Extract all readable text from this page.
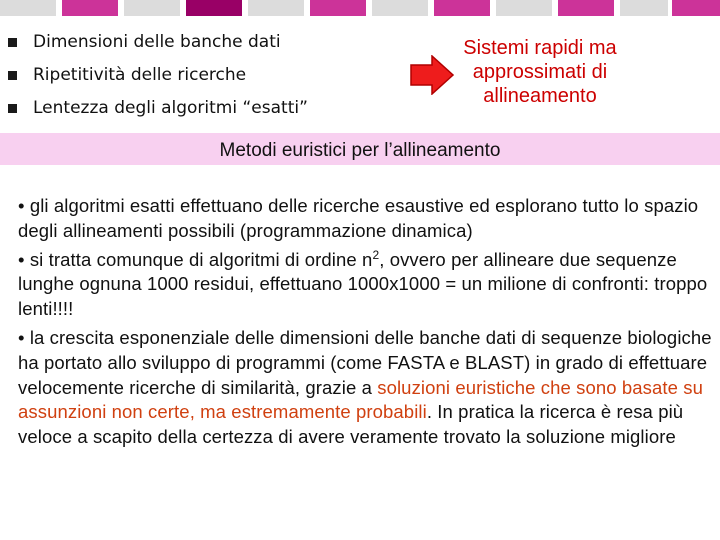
Dimensioni delle banche dati
Ripetitività delle ricerche
Lentezza degli algoritmi “esatti”
Sistemi rapidi ma
approssimati di
allineamento
Metodi euristici per l’allineamento

• gli algoritmi esatti effettuano delle ricerche esaustive ed esplorano tutto lo spazio degli allineamenti possibili (programmazione dinamica)

• si tratta comunque di algoritmi di ordine $n^2$, ovvero per allineare due sequenze lunghe ognuna 1000 residui, effettuano 1000x1000 = un milione di confronti: troppo lenti!!!!

• la crescita esponenziale delle dimensioni delle banche dati di sequenze biologiche ha portato allo sviluppo di programmi (come FASTA e BLAST) in grado di effettuare velocemente ricerche di similarità, grazie a soluzioni euristiche che sono basate su assunzioni non certe, ma estremamente probabili. In pratica la ricerca è resa più veloce a scapito della certezza di avere veramente trovato la soluzione migliore
